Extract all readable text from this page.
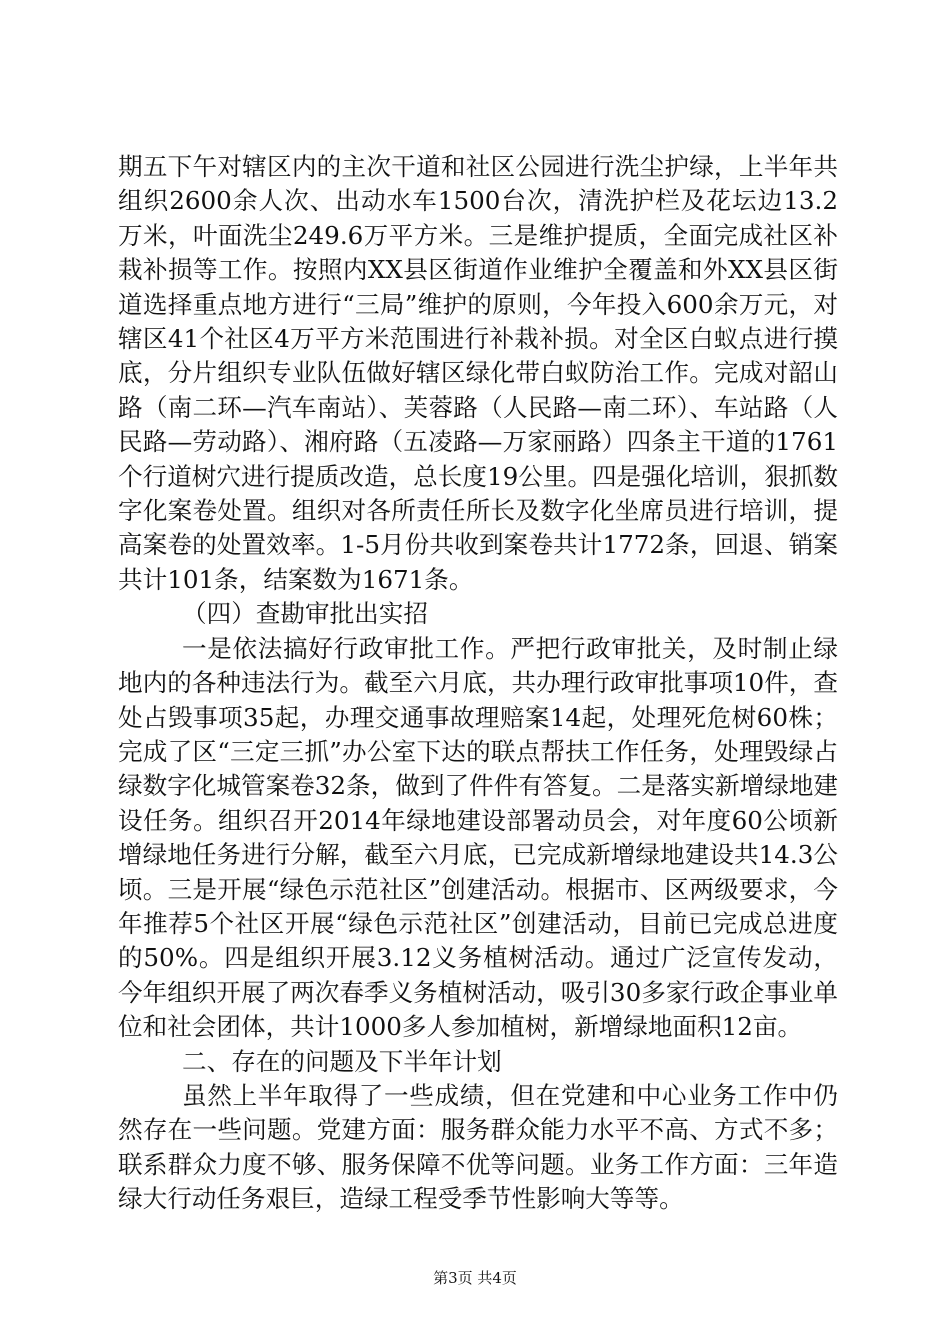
期五下午对辖区内的主次干道和社区公园进行洗尘护绿，上半年共组织2600余人次、出动水车1500台次，清洗护栏及花坛边13.2万米，叶面洗尘249.6万平方米。三是维护提质，全面完成社区补栽补损等工作。按照内XX县区街道作业维护全覆盖和外XX县区街道选择重点地方进行“三局”维护的原则，今年投入600余万元，对辖区41个社区4万平方米范围进行补栽补损。对全区白蚁点进行摸底，分片组织专业队伍做好辖区绿化带白蚁防治工作。完成对韶山路（南二环—汽车南站）、芙蓉路（人民路—南二环）、车站路（人民路—劳动路）、湘府路（五凌路—万家丽路）四条主干道的1761个行道树穴进行提质改造，总长度19公里。四是强化培训，狠抓数字化案卷处置。组织对各所责任所长及数字化坐席员进行培训，提高案卷的处置效率。1-5月份共收到案卷共计1772条，回退、销案共计101条，结案数为1671条。

（四）查勘审批出实招

一是依法搞好行政审批工作。严把行政审批关，及时制止绿地内的各种违法行为。截至六月底，共办理行政审批事项10件，查处占毁事项35起，办理交通事故理赔案14起，处理死危树60株；完成了区“三定三抓”办公室下达的联点帮扶工作任务，处理毁绿占绿数字化城管案卷32条，做到了件件有答复。二是落实新增绿地建设任务。组织召开2014年绿地建设部署动员会，对年度60公顷新增绿地任务进行分解，截至六月底，已完成新增绿地建设共14.3公顷。三是开展“绿色示范社区”创建活动。根据市、区两级要求，今年推荐5个社区开展“绿色示范社区”创建活动，目前已完成总进度的50%。四是组织开展3.12义务植树活动。通过广泛宣传发动，今年组织开展了两次春季义务植树活动，吸引30多家行政企事业单位和社会团体，共计1000多人参加植树，新增绿地面积12亩。

二、存在的问题及下半年计划

虽然上半年取得了一些成绩，但在党建和中心业务工作中仍然存在一些问题。党建方面：服务群众能力水平不高、方式不多；联系群众力度不够、服务保障不优等问题。业务工作方面：三年造绿大行动任务艰巨，造绿工程受季节性影响大等等。

第3页 共4页
